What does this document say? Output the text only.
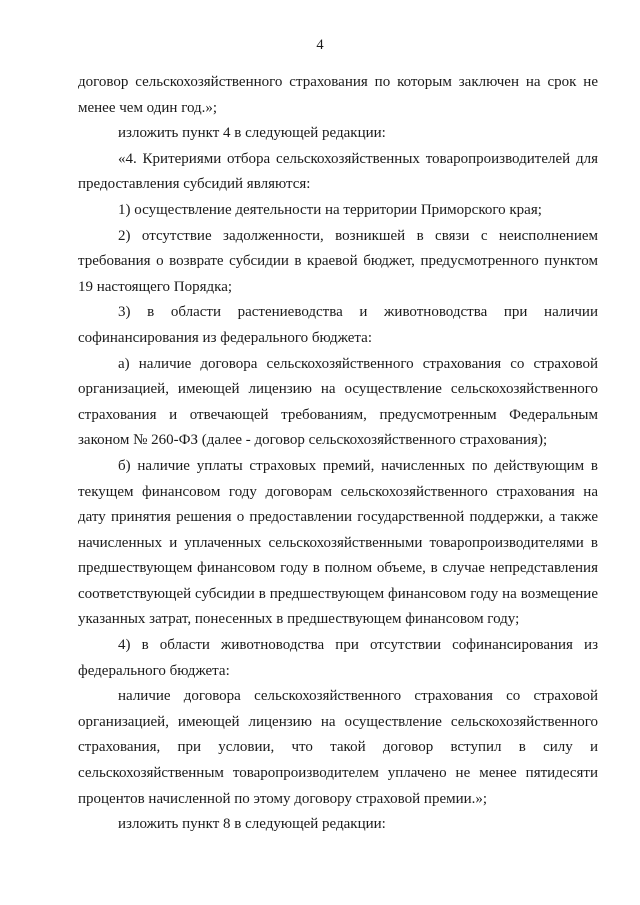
4

договор сельскохозяйственного страхования по которым заключен на срок не менее чем один год.»;

изложить пункт 4 в следующей редакции:

«4. Критериями отбора сельскохозяйственных товаропроизводителей для предоставления субсидий являются:

1) осуществление деятельности на территории Приморского края;

2) отсутствие задолженности, возникшей в связи с неисполнением требования о возврате субсидии в краевой бюджет, предусмотренного пунктом 19 настоящего Порядка;

3) в области растениеводства и животноводства при наличии софинансирования из федерального бюджета:

а) наличие договора сельскохозяйственного страхования со страховой организацией, имеющей лицензию на осуществление сельскохозяйственного страхования и отвечающей требованиям, предусмотренным Федеральным законом № 260-ФЗ (далее - договор сельскохозяйственного страхования);

б) наличие уплаты страховых премий, начисленных по действующим в текущем финансовом году договорам сельскохозяйственного страхования на дату принятия решения о предоставлении государственной поддержки, а также начисленных и уплаченных сельскохозяйственными товаропроизводителями в предшествующем финансовом году в полном объеме, в случае непредставления соответствующей субсидии в предшествующем финансовом году на возмещение указанных затрат, понесенных в предшествующем финансовом году;

4) в области животноводства при отсутствии софинансирования из федерального бюджета:

наличие договора сельскохозяйственного страхования со страховой организацией, имеющей лицензию на осуществление сельскохозяйственного страхования, при условии, что такой договор вступил в силу и сельскохозяйственным товаропроизводителем уплачено не менее пятидесяти процентов начисленной по этому договору страховой премии.»;

изложить пункт 8 в следующей редакции:
